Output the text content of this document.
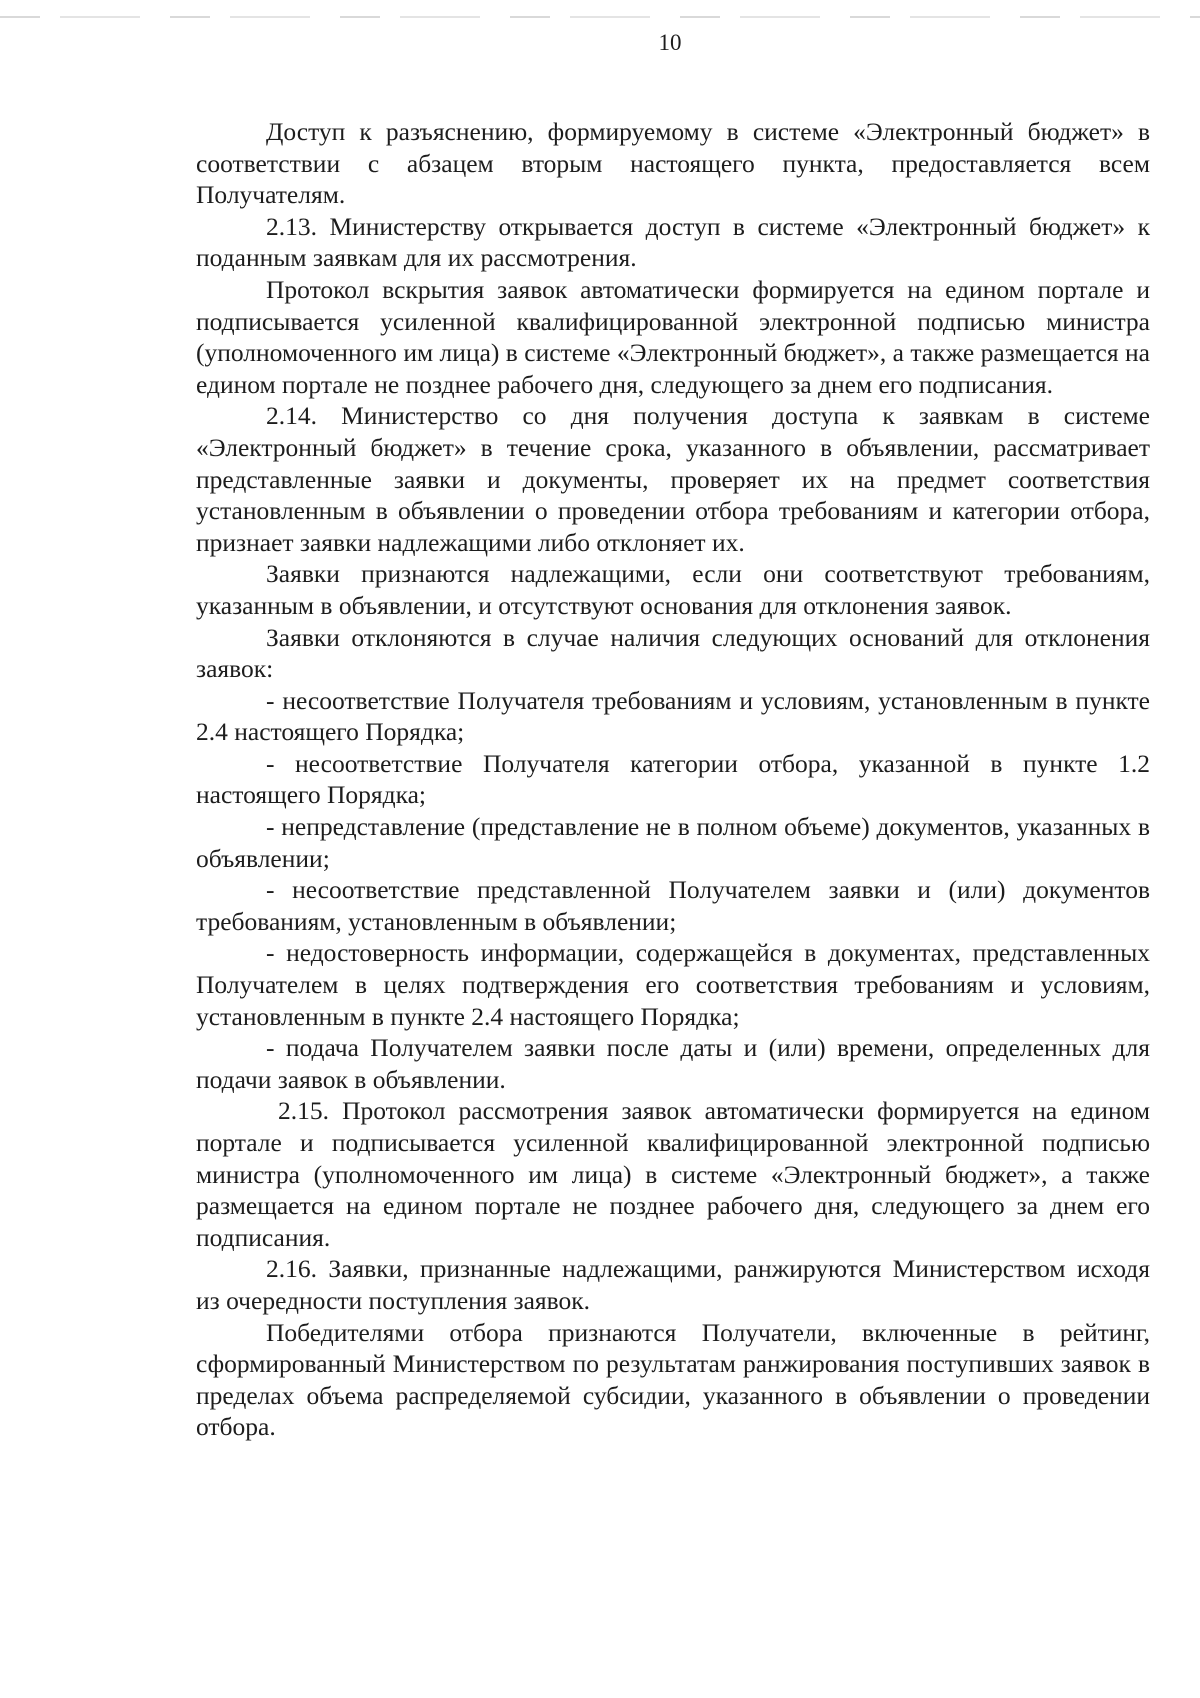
10

Доступ к разъяснению, формируемому в системе «Электронный бюджет» в соответствии с абзацем вторым настоящего пункта, предоставляется всем Получателям.

2.13. Министерству открывается доступ в системе «Электронный бюджет» к поданным заявкам для их рассмотрения.

Протокол вскрытия заявок автоматически формируется на едином портале и подписывается усиленной квалифицированной электронной подписью министра (уполномоченного им лица) в системе «Электронный бюджет», а также размещается на едином портале не позднее рабочего дня, следующего за днем его подписания.

2.14. Министерство со дня получения доступа к заявкам в системе «Электронный бюджет» в течение срока, указанного в объявлении, рассматривает представленные заявки и документы, проверяет их на предмет соответствия установленным в объявлении о проведении отбора требованиям и категории отбора, признает заявки надлежащими либо отклоняет их.

Заявки признаются надлежащими, если они соответствуют требованиям, указанным в объявлении, и отсутствуют основания для отклонения заявок.

Заявки отклоняются в случае наличия следующих оснований для отклонения заявок:

- несоответствие Получателя требованиям и условиям, установленным в пункте 2.4 настоящего Порядка;

- несоответствие Получателя категории отбора, указанной в пункте 1.2 настоящего Порядка;

- непредставление (представление не в полном объеме) документов, указанных в объявлении;

- несоответствие представленной Получателем заявки и (или) документов требованиям, установленным в объявлении;

- недостоверность информации, содержащейся в документах, представленных Получателем в целях подтверждения его соответствия требованиям и условиям, установленным в пункте 2.4 настоящего Порядка;

- подача Получателем заявки после даты и (или) времени, определенных для подачи заявок в объявлении.

2.15. Протокол рассмотрения заявок автоматически формируется на едином портале и подписывается усиленной квалифицированной электронной подписью министра (уполномоченного им лица) в системе «Электронный бюджет», а также размещается на едином портале не позднее рабочего дня, следующего за днем его подписания.

2.16. Заявки, признанные надлежащими, ранжируются Министерством исходя из очередности поступления заявок.

Победителями отбора признаются Получатели, включенные в рейтинг, сформированный Министерством по результатам ранжирования поступивших заявок в пределах объема распределяемой субсидии, указанного в объявлении о проведении отбора.
